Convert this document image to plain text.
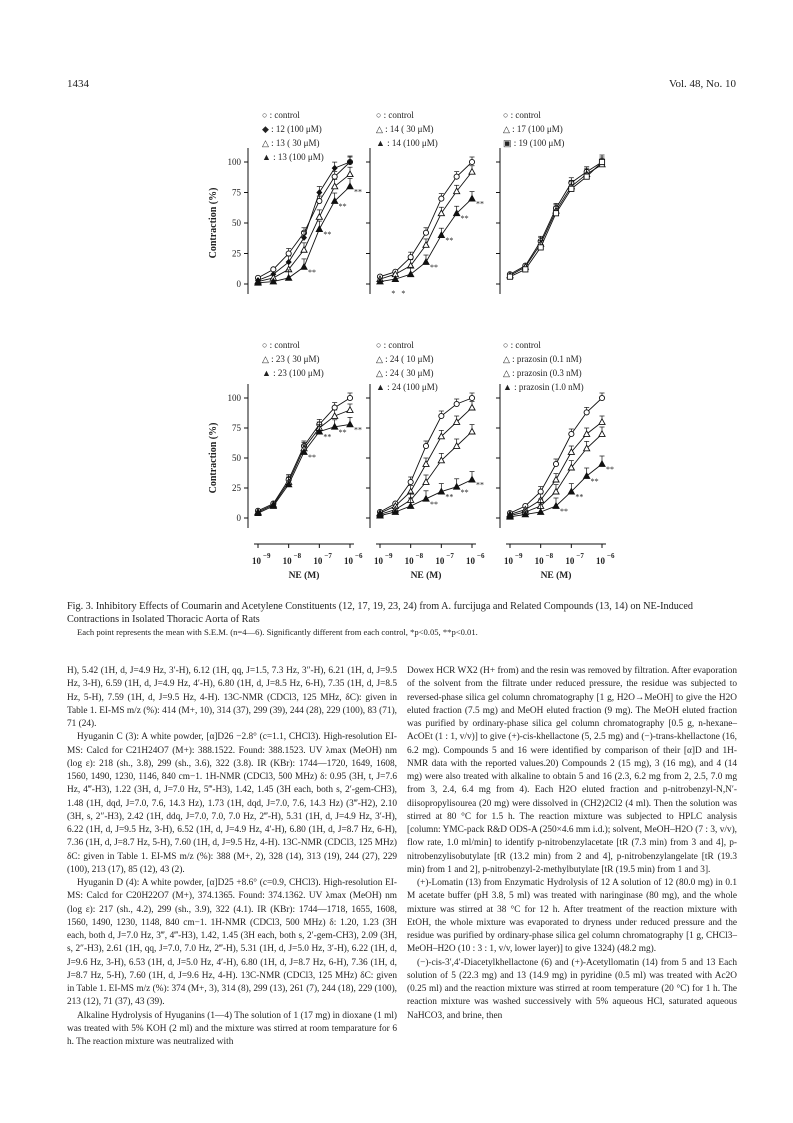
1434	Vol. 48, No. 10
100
75
50
25
0
Contraction (%)
○ : control
◆ : 12 (100 μM)
△ : 13 ( 30 μM)
▲ : 13 (100 μM)
**
**
**
**
○ : control
△ : 14 ( 30 μM)
▲ : 14 (100 μM)
**
**
**
**
* *
○ : control
△ : 17 (100 μM)
▣ : 19 (100 μM)
100
75
50
25
0
Contraction (%)
○ : control
△ : 23 ( 30 μM)
▲ : 23 (100 μM)
**
**
** **
10 −9 10 −8 10 −7 10 −6
NE (M)
○ : control
△ : 24 ( 10 μM)
△ : 24 ( 30 μM)
▲ : 24 (100 μM)
**
**
**
**
10 −9 10 −8 10 −7 10 −6
NE (M)
○ : control
△ : prazosin (0.1 nM)
△ : prazosin (0.3 nM)
▲ : prazosin (1.0 nM)
**
**
**
**
10 −9 10 −8 10 −7 10 −6
NE (M)
Fig. 3. Inhibitory Effects of Coumarin and Acetylene Constituents (12, 17, 19, 23, 24) from A. furcijuga and Related Compounds (13, 14) on NE-Induced Contractions in Isolated Thoracic Aorta of Rats
Each point represents the mean with S.E.M. (n=4—6). Significantly different from each control, *p<0.05, **p<0.01.

H), 5.42 (1H, d, J=4.9 Hz, 3′-H), 6.12 (1H, qq, J=1.5, 7.3 Hz, 3″-H), 6.21 (1H, d, J=9.5 Hz, 3-H), 6.59 (1H, d, J=4.9 Hz, 4′-H), 6.80 (1H, d, J=8.5 Hz, 6-H), 7.35 (1H, d, J=8.5 Hz, 5-H), 7.59 (1H, d, J=9.5 Hz, 4-H). 13C-NMR (CDCl3, 125 MHz, δC): given in Table 1. EI-MS m/z (%): 414 (M+, 10), 314 (37), 299 (39), 244 (28), 229 (100), 83 (71), 71 (24).

Hyuganin C (3): A white powder, [α]D26 −2.8° (c=1.1, CHCl3). High-resolution EI-MS: Calcd for C21H24O7 (M+): 388.1522. Found: 388.1523. UV λmax (MeOH) nm (log ε): 218 (sh., 3.8), 299 (sh., 3.6), 322 (3.8). IR (KBr): 1744—1720, 1649, 1608, 1560, 1490, 1230, 1146, 840 cm−1. 1H-NMR (CDCl3, 500 MHz) δ: 0.95 (3H, t, J=7.6 Hz, 4‴-H3), 1.22 (3H, d, J=7.0 Hz, 5‴-H3), 1.42, 1.45 (3H each, both s, 2′-gem-CH3), 1.48 (1H, dqd, J=7.0, 7.6, 14.3 Hz), 1.73 (1H, dqd, J=7.0, 7.6, 14.3 Hz) (3‴-H2), 2.10 (3H, s, 2″-H3), 2.42 (1H, ddq, J=7.0, 7.0, 7.0 Hz, 2‴-H), 5.31 (1H, d, J=4.9 Hz, 3′-H), 6.22 (1H, d, J=9.5 Hz, 3-H), 6.52 (1H, d, J=4.9 Hz, 4′-H), 6.80 (1H, d, J=8.7 Hz, 6-H), 7.36 (1H, d, J=8.7 Hz, 5-H), 7.60 (1H, d, J=9.5 Hz, 4-H). 13C-NMR (CDCl3, 125 MHz) δC: given in Table 1. EI-MS m/z (%): 388 (M+, 2), 328 (14), 313 (19), 244 (27), 229 (100), 213 (17), 85 (12), 43 (2).

Hyuganin D (4): A white powder, [α]D25 +8.6° (c=0.9, CHCl3). High-resolution EI-MS: Calcd for C20H22O7 (M+), 374.1365. Found: 374.1362. UV λmax (MeOH) nm (log ε): 217 (sh., 4.2), 299 (sh., 3.9), 322 (4.1). IR (KBr): 1744—1718, 1655, 1608, 1560, 1490, 1230, 1148, 840 cm−1. 1H-NMR (CDCl3, 500 MHz) δ: 1.20, 1.23 (3H each, both d, J=7.0 Hz, 3‴, 4‴-H3), 1.42, 1.45 (3H each, both s, 2′-gem-CH3), 2.09 (3H, s, 2″-H3), 2.61 (1H, qq, J=7.0, 7.0 Hz, 2‴-H), 5.31 (1H, d, J=5.0 Hz, 3′-H), 6.22 (1H, d, J=9.6 Hz, 3-H), 6.53 (1H, d, J=5.0 Hz, 4′-H), 6.80 (1H, d, J=8.7 Hz, 6-H), 7.36 (1H, d, J=8.7 Hz, 5-H), 7.60 (1H, d, J=9.6 Hz, 4-H). 13C-NMR (CDCl3, 125 MHz) δC: given in Table 1. EI-MS m/z (%): 374 (M+, 3), 314 (8), 299 (13), 261 (7), 244 (18), 229 (100), 213 (12), 71 (37), 43 (39).

Alkaline Hydrolysis of Hyuganins (1—4) The solution of 1 (17 mg) in dioxane (1 ml) was treated with 5% KOH (2 ml) and the mixture was stirred at room temparature for 6 h. The reaction mixture was neutralized with

Dowex HCR WX2 (H+ from) and the resin was removed by filtration. After evaporation of the solvent from the filtrate under reduced pressure, the residue was subjected to reversed-phase silica gel column chromatography [1 g, H2O→MeOH] to give the H2O eluted fraction (7.5 mg) and MeOH eluted fraction (9 mg). The MeOH eluted fraction was purified by ordinary-phase silica gel column chromatography [0.5 g, n-hexane–AcOEt (1 : 1, v/v)] to give (+)-cis-khellactone (5, 2.5 mg) and (−)-trans-khellactone (16, 6.2 mg). Compounds 5 and 16 were identified by comparison of their [α]D and 1H-NMR data with the reported values.20) Compounds 2 (15 mg), 3 (16 mg), and 4 (14 mg) were also treated with alkaline to obtain 5 and 16 (2.3, 6.2 mg from 2, 2.5, 7.0 mg from 3, 2.4, 6.4 mg from 4). Each H2O eluted fraction and p-nitrobenzyl-N,N′-diisopropylisourea (20 mg) were dissolved in (CH2)2Cl2 (4 ml). Then the solution was stirred at 80 °C for 1.5 h. The reaction mixture was subjected to HPLC analysis [column: YMC-pack R&D ODS-A (250×4.6 mm i.d.); solvent, MeOH–H2O (7 : 3, v/v), flow rate, 1.0 ml/min] to identify p-nitrobenzylacetate [tR (7.3 min) from 3 and 4], p-nitrobenzylisobutylate [tR (13.2 min) from 2 and 4], p-nitrobenzylangelate [tR (19.3 min) from 1 and 2], p-nitrobenzyl-2-methylbutylate [tR (19.5 min) from 1 and 3].

(+)-Lomatin (13) from Enzymatic Hydrolysis of 12 A solution of 12 (80.0 mg) in 0.1 M acetate buffer (pH 3.8, 5 ml) was treated with naringinase (80 mg), and the whole mixture was stirred at 38 °C for 12 h. After treatment of the reaction mixture with EtOH, the whole mixture was evaporated to dryness under reduced pressure and the residue was purified by ordinary-phase silica gel column chromatography [1 g, CHCl3–MeOH–H2O (10 : 3 : 1, v/v, lower layer)] to give 1324) (48.2 mg).

(−)-cis-3′,4′-Diacetylkhellactone (6) and (+)-Acetyllomatin (14) from 5 and 13 Each solution of 5 (22.3 mg) and 13 (14.9 mg) in pyridine (0.5 ml) was treated with Ac2O (0.25 ml) and the reaction mixture was stirred at room temperature (20 °C) for 1 h. The reaction mixture was washed successively with 5% aqueous HCl, saturated aqueous NaHCO3, and brine, then
